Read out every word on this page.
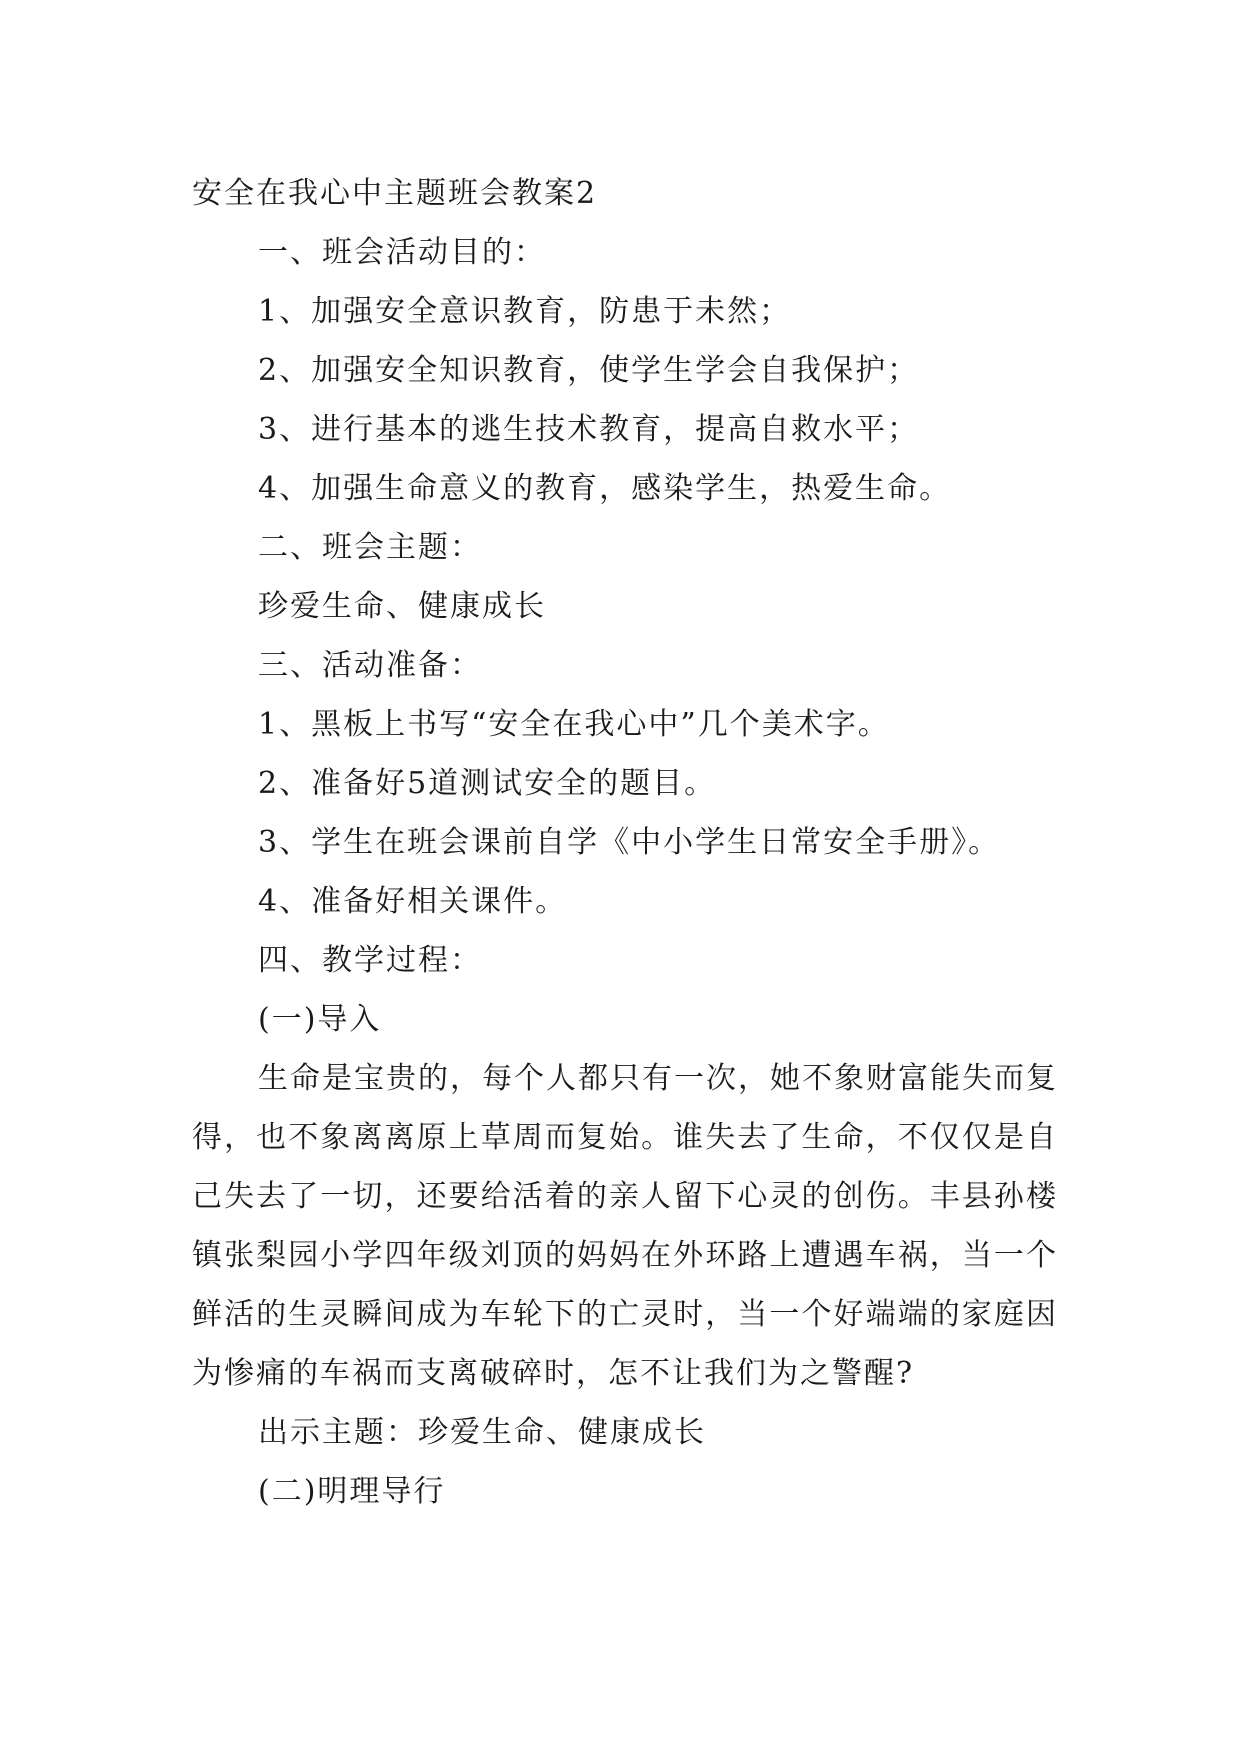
安全在我心中主题班会教案2
一、班会活动目的：
1、加强安全意识教育，防患于未然；
2、加强安全知识教育，使学生学会自我保护；
3、进行基本的逃生技术教育，提高自救水平；
4、加强生命意义的教育，感染学生，热爱生命。
二、班会主题：
珍爱生命、健康成长
三、活动准备：
1、黑板上书写“安全在我心中”几个美术字。
2、准备好5道测试安全的题目。
3、学生在班会课前自学《中小学生日常安全手册》。
4、准备好相关课件。
四、教学过程：
(一)导入

生命是宝贵的，每个人都只有一次，她不象财富能失而复得，也不象离离原上草周而复始。谁失去了生命，不仅仅是自己失去了一切，还要给活着的亲人留下心灵的创伤。丰县孙楼镇张梨园小学四年级刘顶的妈妈在外环路上遭遇车祸，当一个鲜活的生灵瞬间成为车轮下的亡灵时，当一个好端端的家庭因为惨痛的车祸而支离破碎时，怎不让我们为之警醒?

出示主题：珍爱生命、健康成长
(二)明理导行
